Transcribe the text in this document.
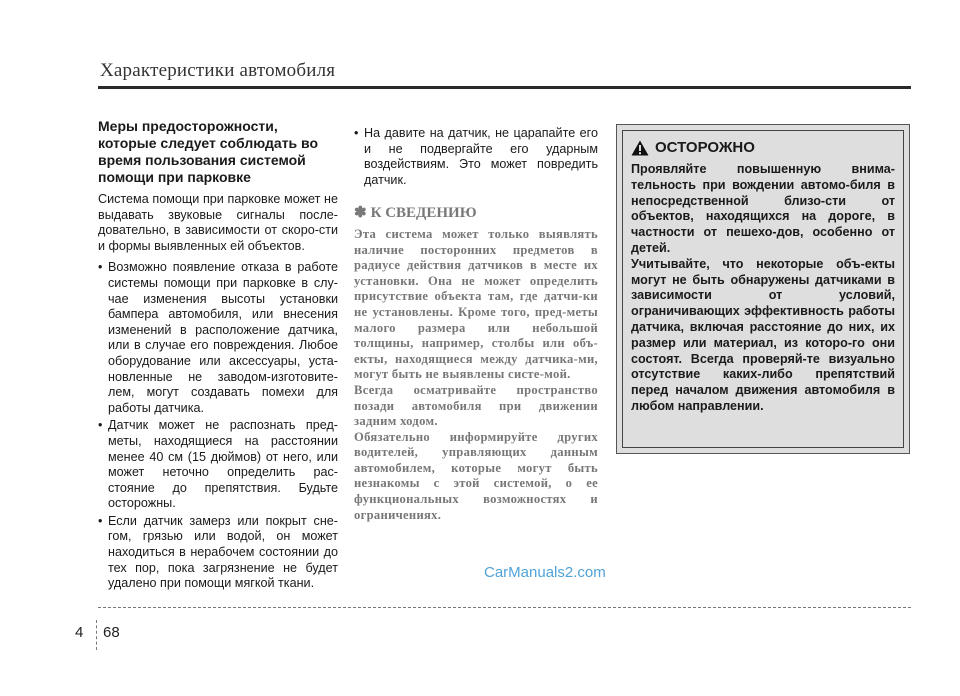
Характеристики автомобиля
Меры предосторожности, которые следует соблюдать во время пользования системой помощи при парковке

Система помощи при парковке может не выдавать звуковые сигналы после-довательно, в зависимости от скоро-сти и формы выявленных ей объектов.

• Возможно появление отказа в работе системы помощи при парковке в слу-чае изменения высоты установки бампера автомобиля, или внесения изменений в расположение датчика, или в случае его повреждения. Любое оборудование или аксессуары, уста-новленные не заводом-изготовите-лем, могут создавать помехи для работы датчика.
• Датчик может не распознать пред-меты, находящиеся на расстоянии менее 40 см (15 дюймов) от него, или может неточно определить рас-стояние до препятствия. Будьте осторожны.
• Если датчик замерз или покрыт сне-гом, грязью или водой, он может находиться в нерабочем состоянии до тех пор, пока загрязнение не будет удалено при помощи мягкой ткани.
• На давите на датчик, не царапайте его и не подвергайте его ударным воздействиям. Это может повредить датчик.
✽ К СВЕДЕНИЮ

Эта система может только выявлять наличие посторонних предметов в радиусе действия датчиков в месте их установки. Она не может определить присутствие объекта там, где датчи-ки не установлены. Кроме того, пред-меты малого размера или небольшой толщины, например, столбы или объ-екты, находящиеся между датчика-ми, могут быть не выявлены систе-мой.
Всегда осматривайте пространство позади автомобиля при движении задним ходом.
Обязательно информируйте других водителей, управляющих данным автомобилем, которые могут быть незнакомы с этой системой, о ее функциональных возможностях и ограничениях.

ОСТОРОЖНО

Проявляйте повышенную внима-тельность при вождении автомо-биля в непосредственной близо-сти от объектов, находящихся на дороге, в частности от пешехо-дов, особенно от детей.
Учитывайте, что некоторые объ-екты могут не быть обнаружены датчиками в зависимости от условий, ограничивающих эффективность работы датчика, включая расстояние до них, их размер или материал, из которо-го они состоят. Всегда проверяй-те визуально отсутствие каких-либо препятствий перед началом движения автомобиля в любом направлении.

CarManuals2.com
4 68
